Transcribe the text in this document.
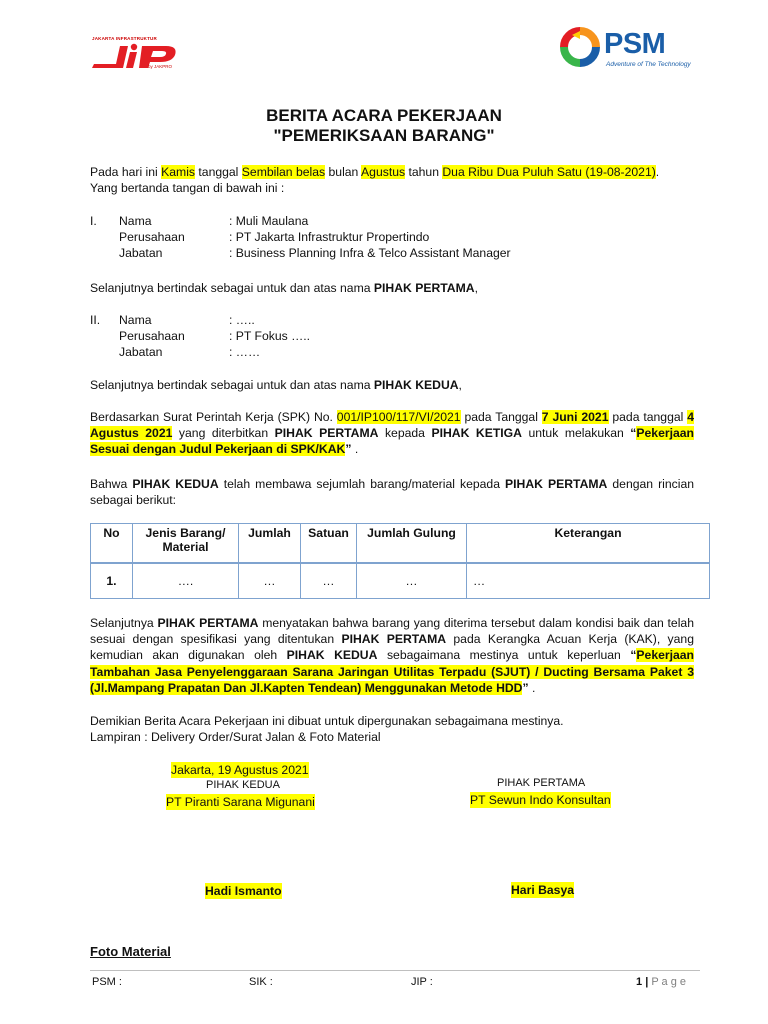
JAKARTA INFRASTRUKTUR
by JAKPRO
PSM
Adventure of The Technology
BERITA ACARA PEKERJAAN
"PEMERIKSAAN BARANG"
Pada hari ini Kamis tanggal Sembilan belas bulan Agustus tahun Dua Ribu Dua Puluh Satu (19-08-2021).
Yang bertanda tangan di bawah ini :
I. Nama	: Muli Maulana
Perusahaan	: PT Jakarta Infrastruktur Propertindo
Jabatan	: Business Planning Infra & Telco Assistant Manager
Selanjutnya bertindak sebagai untuk dan atas nama PIHAK PERTAMA,
II. Nama	: …..
Perusahaan	: PT Fokus …..
Jabatan	: ……
Selanjutnya bertindak sebagai untuk dan atas nama PIHAK KEDUA,
Berdasarkan Surat Perintah Kerja (SPK) No. 001/IP100/117/VI/2021 pada Tanggal 7 Juni 2021 pada tanggal 4 Agustus 2021 yang diterbitkan PIHAK PERTAMA kepada PIHAK KETIGA untuk melakukan “Pekerjaan Sesuai dengan Judul Pekerjaan di SPK/KAK” .
Bahwa PIHAK KEDUA telah membawa sejumlah barang/material kepada PIHAK PERTAMA dengan rincian sebagai berikut:
No	Jenis Barang/ Material	Jumlah	Satuan	Jumlah Gulung	Keterangan
1.	….	…	…	…	…
Selanjutnya PIHAK PERTAMA menyatakan bahwa barang yang diterima tersebut dalam kondisi baik dan telah sesuai dengan spesifikasi yang ditentukan PIHAK PERTAMA pada Kerangka Acuan Kerja (KAK), yang kemudian akan digunakan oleh PIHAK KEDUA sebagaimana mestinya untuk keperluan “Pekerjaan Tambahan Jasa Penyelenggaraan Sarana Jaringan Utilitas Terpadu (SJUT) / Ducting Bersama Paket 3 (Jl.Mampang Prapatan Dan Jl.Kapten Tendean) Menggunakan Metode HDD” .
Demikian Berita Acara Pekerjaan ini dibuat untuk dipergunakan sebagaimana mestinya.
Lampiran : Delivery Order/Surat Jalan & Foto Material
Jakarta, 19 Agustus 2021
PIHAK KEDUA
PT Piranti Sarana Migunani
Hadi Ismanto
PIHAK PERTAMA
PT Sewun Indo Konsultan
Hari Basya
Foto Material
PSM :	SIK :	JIP :	1 | P a g e
